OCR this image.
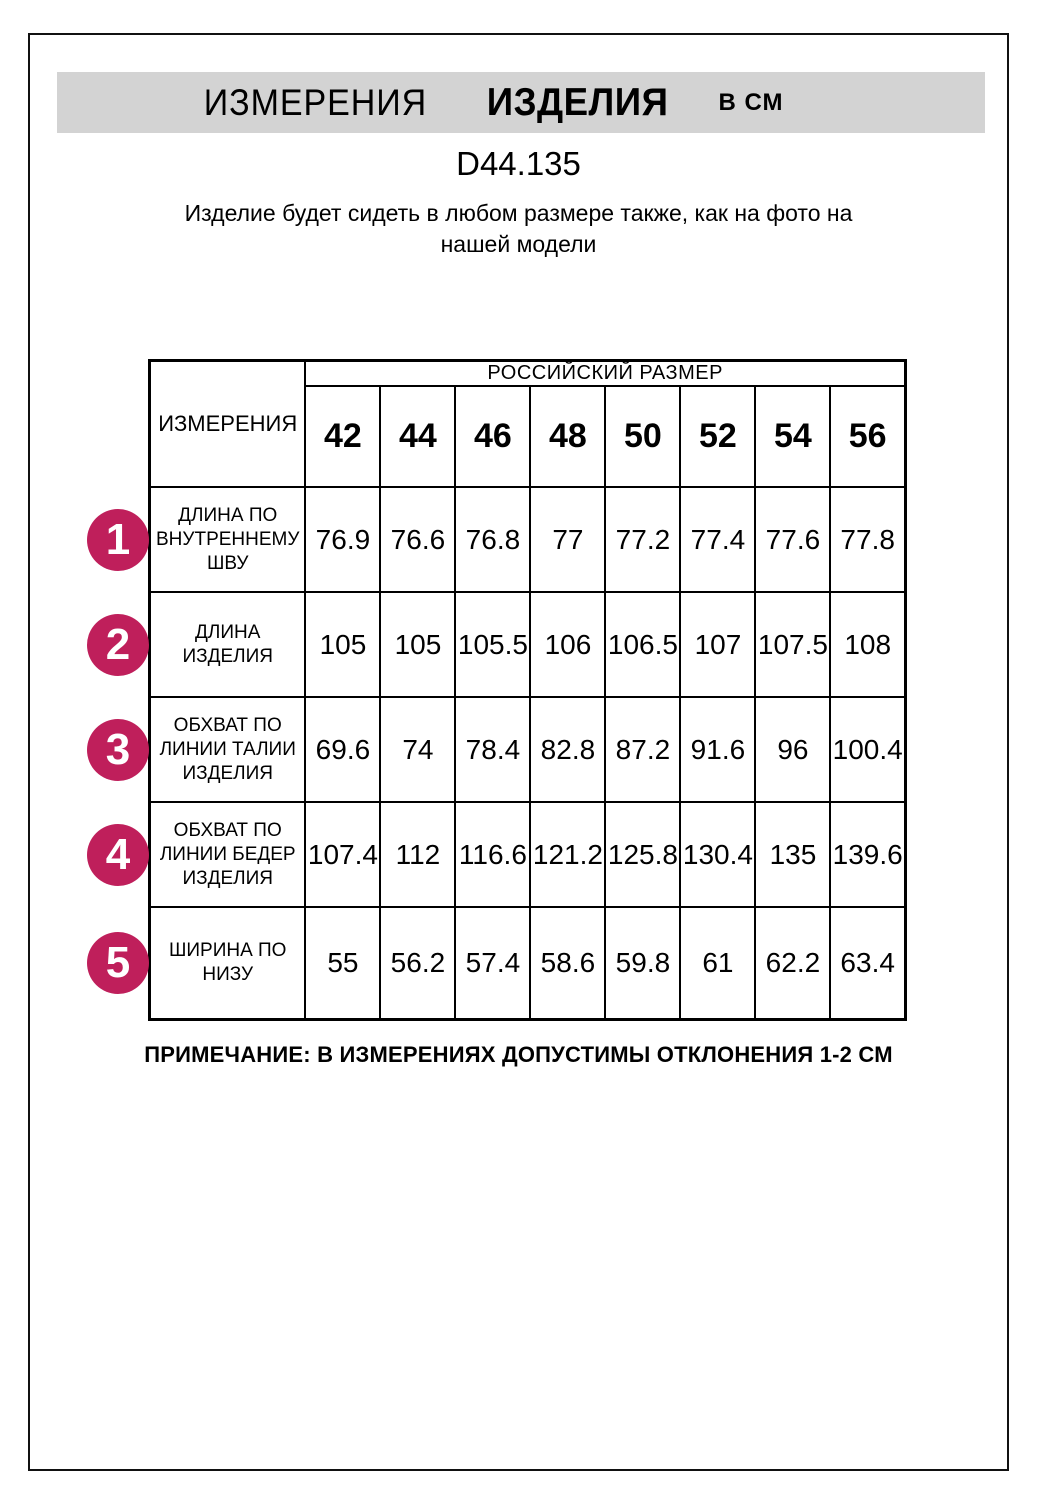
ИЗМЕРЕНИЯ ИЗДЕЛИЯ В СМ
D44.135
Изделие будет сидеть в любом размере также, как на фото на нашей модели
ИЗМЕРЕНИЯ	РОССИЙСКИЙ РАЗМЕР							
	42	44	46	48	50	52	54	56

1 ДЛИНА ПО ВНУТРЕННЕМУ ШВУ	76.9	76.6	76.8	77	77.2	77.4	77.6	77.8

2 ДЛИНА ИЗДЕЛИЯ	105	105	105.5	106	106.5	107	107.5	108

3 ОБХВАТ ПО ЛИНИИ ТАЛИИ ИЗДЕЛИЯ	69.6	74	78.4	82.8	87.2	91.6	96	100.4

4 ОБХВАТ ПО ЛИНИИ БЕДЕР ИЗДЕЛИЯ	107.4	112	116.6	121.2	125.8	130.4	135	139.6

5 ШИРИНА ПО НИЗУ	55	56.2	57.4	58.6	59.8	61	62.2	63.4
ПРИМЕЧАНИЕ: В ИЗМЕРЕНИЯХ ДОПУСТИМЫ ОТКЛОНЕНИЯ 1-2 СМ
